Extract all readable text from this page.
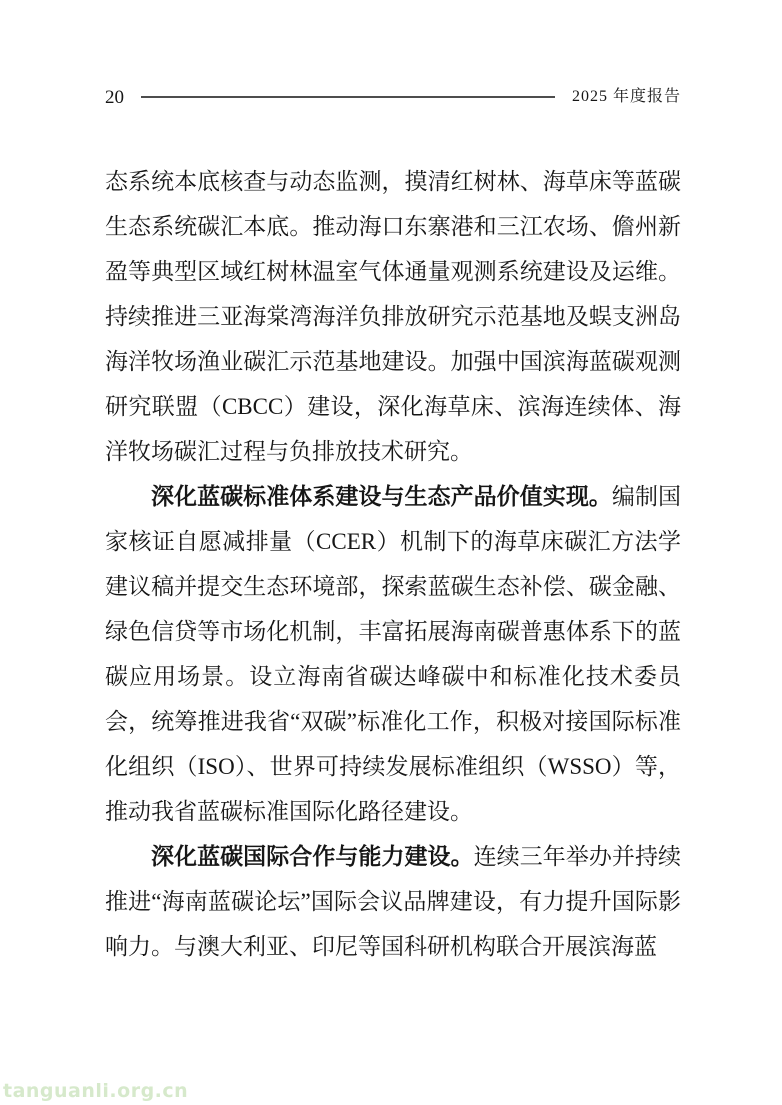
20	2025 年度报告

态系统本底核查与动态监测，摸清红树林、海草床等蓝碳生态系统碳汇本底。推动海口东寨港和三江农场、儋州新盈等典型区域红树林温室气体通量观测系统建设及运维。持续推进三亚海棠湾海洋负排放研究示范基地及蜈支洲岛海洋牧场渔业碳汇示范基地建设。加强中国滨海蓝碳观测研究联盟（CBCC）建设，深化海草床、滨海连续体、海洋牧场碳汇过程与负排放技术研究。

深化蓝碳标准体系建设与生态产品价值实现。编制国家核证自愿减排量（CCER）机制下的海草床碳汇方法学建议稿并提交生态环境部，探索蓝碳生态补偿、碳金融、绿色信贷等市场化机制，丰富拓展海南碳普惠体系下的蓝碳应用场景。设立海南省碳达峰碳中和标准化技术委员会，统筹推进我省“双碳”标准化工作，积极对接国际标准化组织（ISO）、世界可持续发展标准组织（WSSO）等，推动我省蓝碳标准国际化路径建设。

深化蓝碳国际合作与能力建设。连续三年举办并持续推进“海南蓝碳论坛”国际会议品牌建设，有力提升国际影响力。与澳大利亚、印尼等国科研机构联合开展滨海蓝

tanguanli.org.cn
